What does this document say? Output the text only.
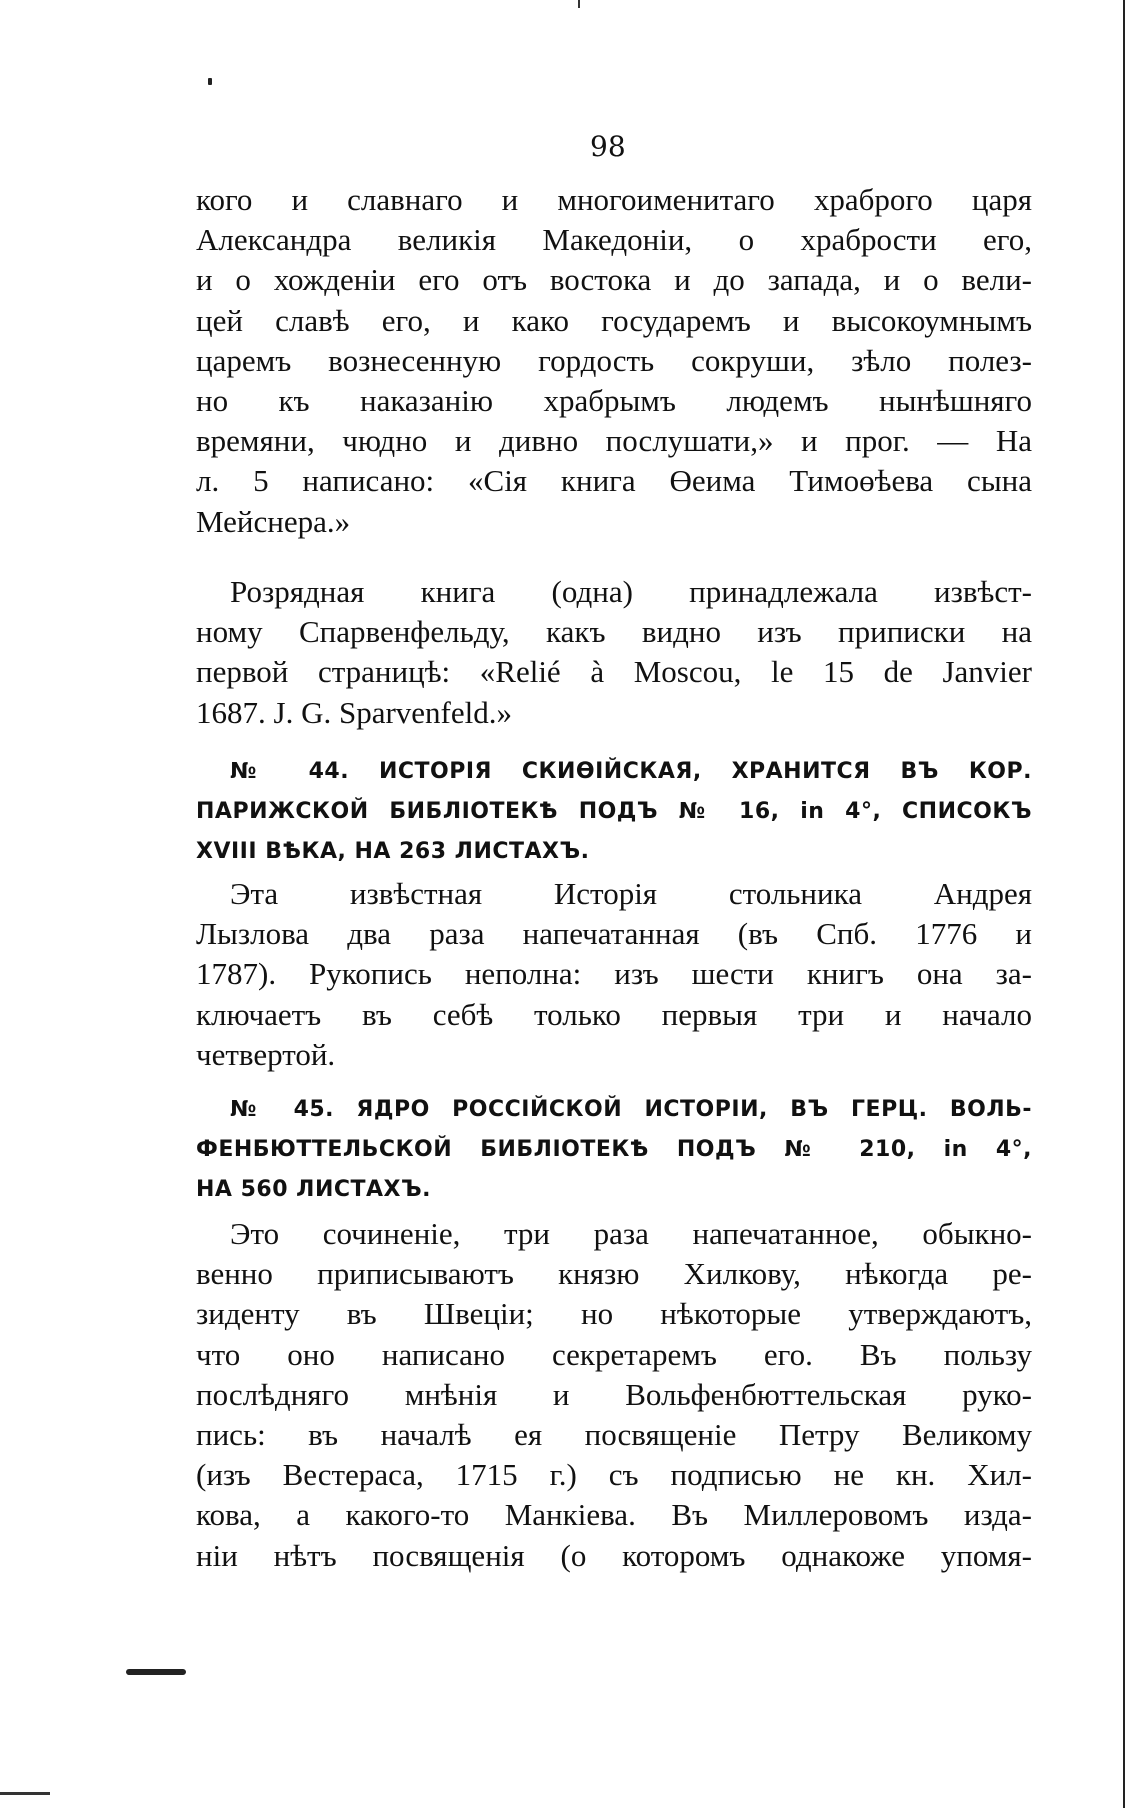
98
кого и славнаго и многоименитаго храброго царя
Александра великія Македоніи, о храбрости его,
и о хожденіи его отъ востока и до запада, и о вели-
цей славѣ его, и како государемъ и высокоумнымъ
царемъ вознесенную гордость сокруши, зѣло полез-
но къ наказанію храбрымъ людемъ нынѣшняго
времяни, чюдно и дивно послушати,» и прог. — На
л. 5 написано: «Сія книга Өеима Тимоөѣева сына
Мейснера.»
Розрядная книга (одна) принадлежала извѣст-
ному Спарвенфельду, какъ видно изъ приписки на
первой страницѣ: «Relié à Moscou, le 15 de Janvier
1687. J. G. Sparvenfeld.»
№ 44. ИСТОРІЯ СКИӨІЙСКАЯ, ХРАНИТСЯ ВЪ КОР.
ПАРИЖСКОЙ БИБЛІОТЕКѢ ПОДЪ № 16, in 4°, СПИСОКЪ
XVIII ВѢКА, НА 263 ЛИСТАХЪ.
Эта извѣстная Исторія стольника Андрея
Лызлова два раза напечатанная (въ Спб. 1776 и
1787). Рукопись неполна: изъ шести книгъ она за-
ключаетъ въ себѣ только первыя три и начало
четвертой.
№ 45. ЯДРО РОССІЙСКОЙ ИСТОРІИ, ВЪ ГЕРЦ. ВОЛЬ-
ФЕНБЮТТЕЛЬСКОЙ БИБЛІОТЕКѢ ПОДЪ № 210, in 4°,
НА 560 ЛИСТАХЪ.
Это сочиненіе, три раза напечатанное, обыкно-
венно приписываютъ князю Хилкову, нѣкогда ре-
зиденту въ Швеціи; но нѣкоторые утверждаютъ,
что оно написано секретаремъ его. Въ пользу
послѣдняго мнѣнія и Вольфенбюттельская руко-
пись: въ началѣ ея посвященіе Петру Великому
(изъ Вестераса, 1715 г.) съ подписью не кн. Хил-
кова, а какого-то Манкіева. Въ Миллеровомъ изда-
ніи нѣтъ посвященія (о которомъ однакоже упомя-
